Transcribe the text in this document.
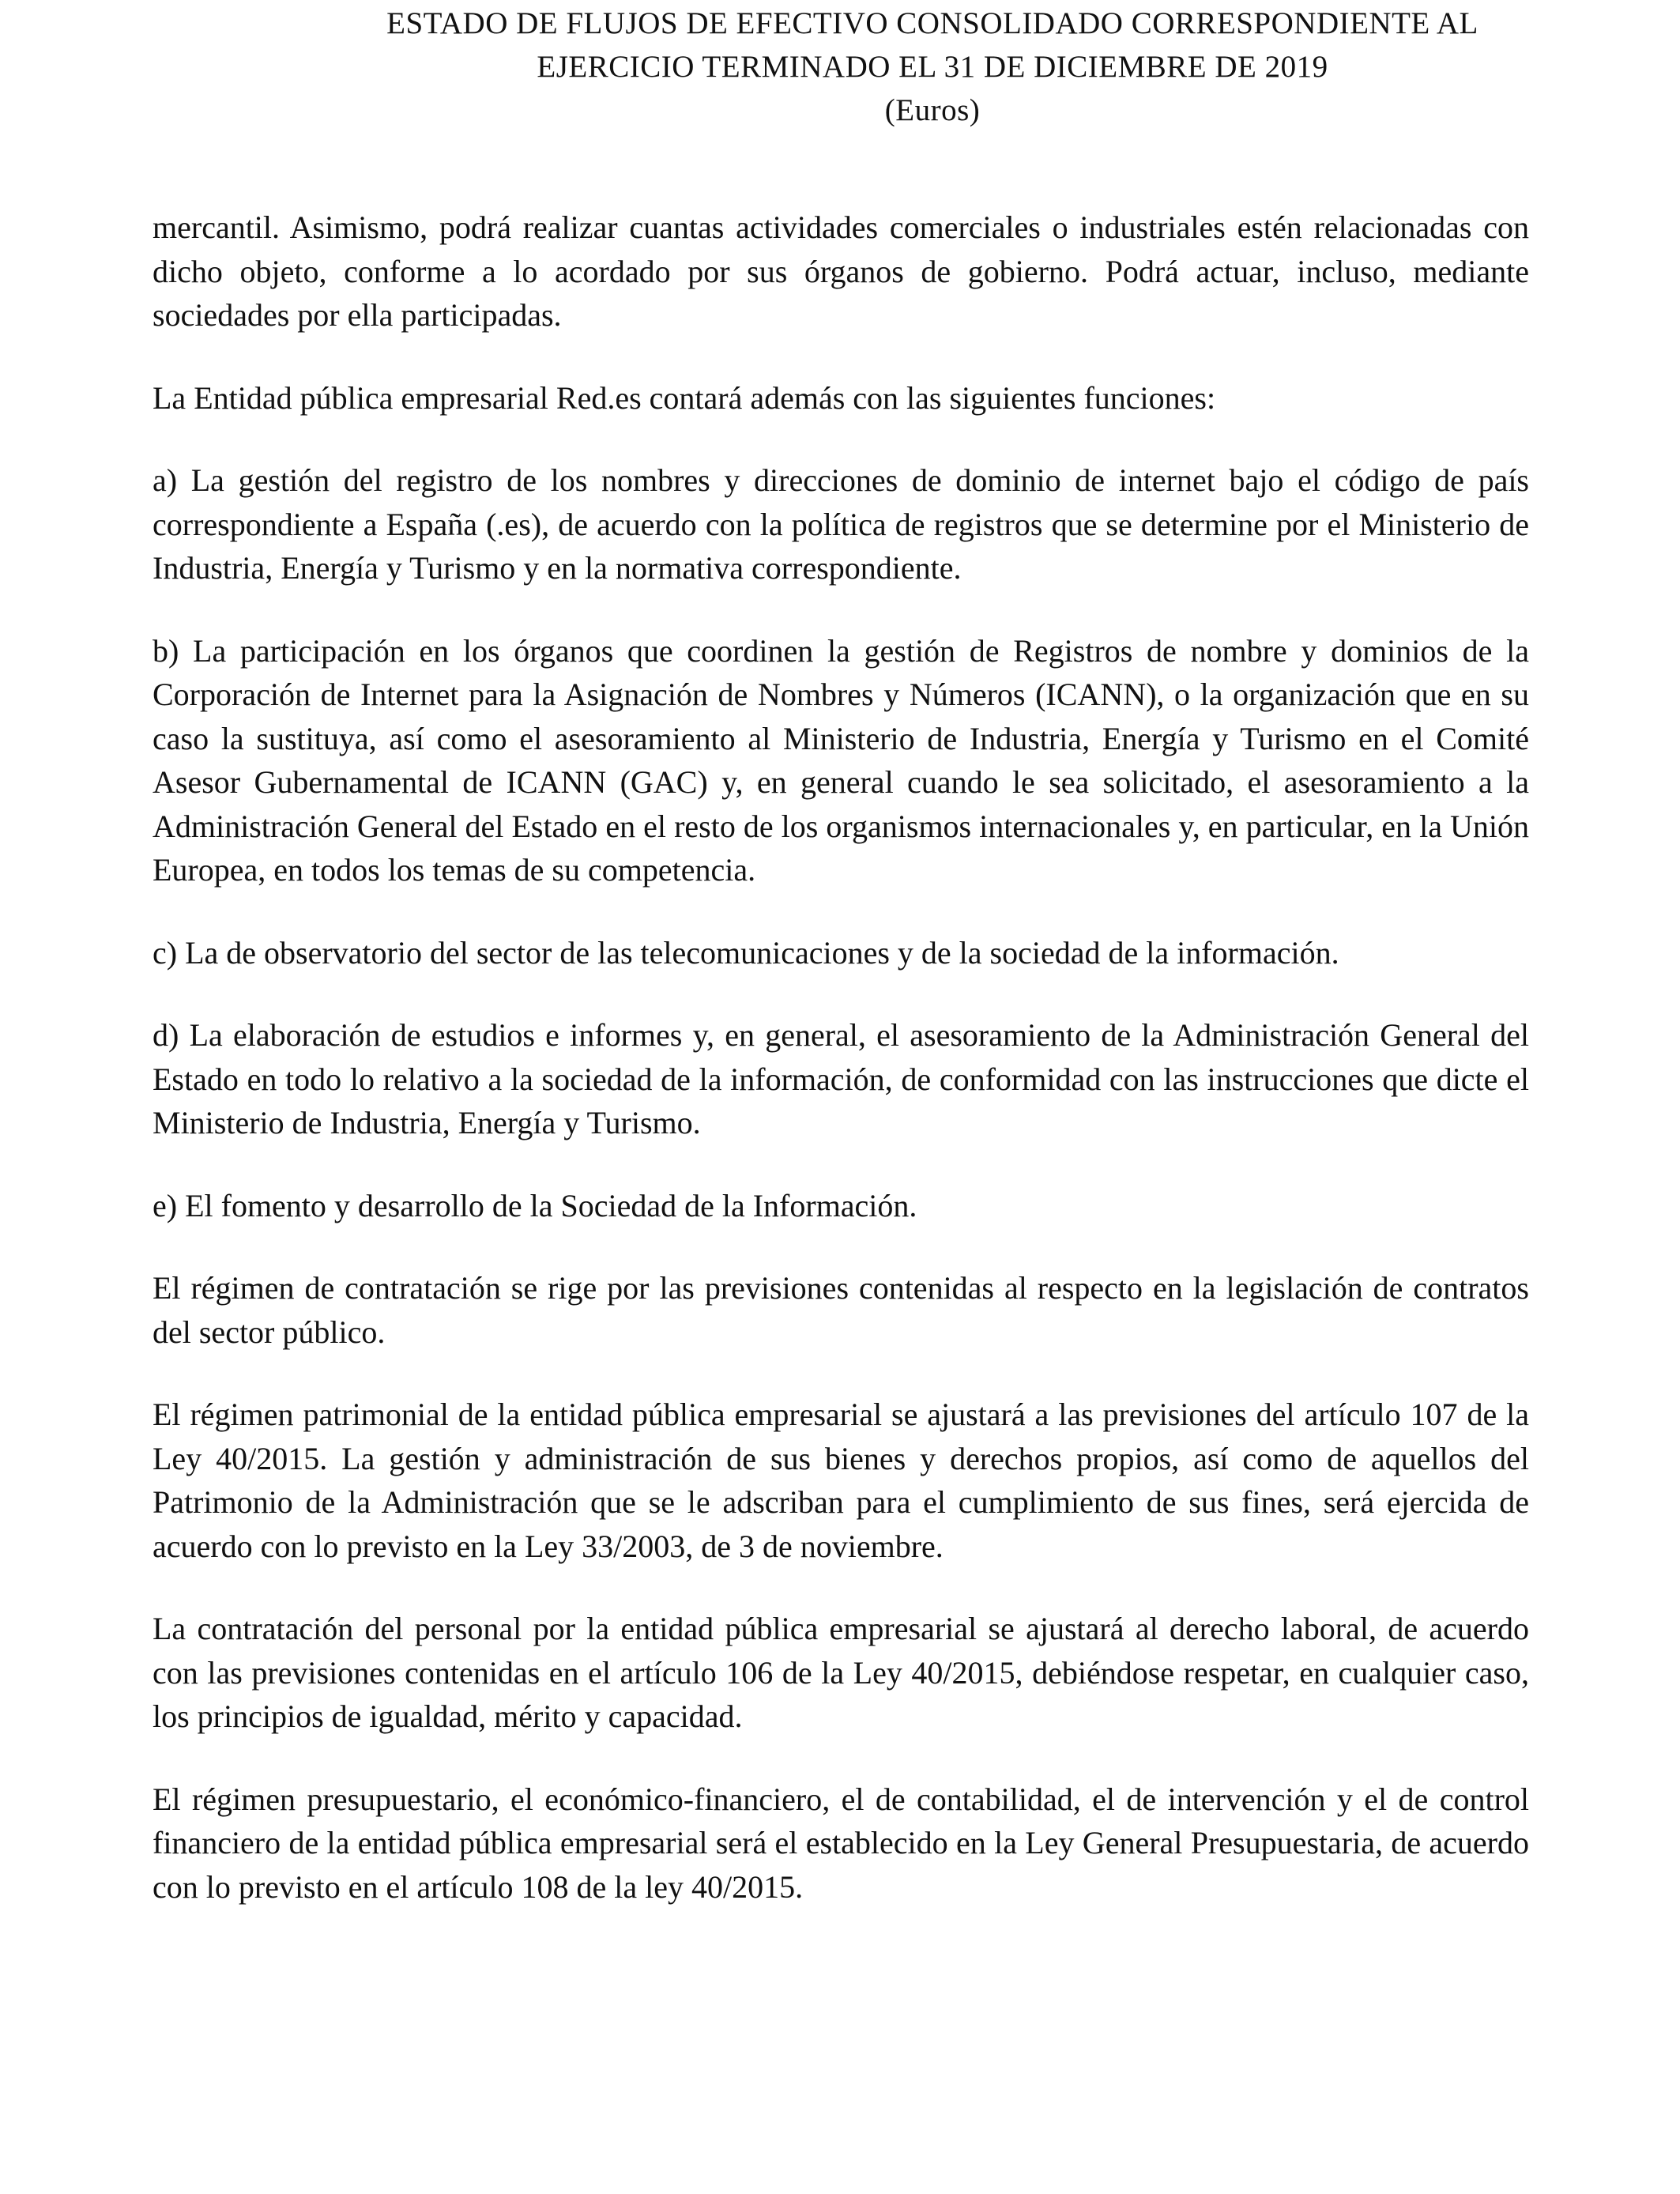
ESTADO DE FLUJOS DE EFECTIVO CONSOLIDADO CORRESPONDIENTE AL
EJERCICIO TERMINADO EL 31 DE DICIEMBRE DE 2019
(Euros)

mercantil. Asimismo, podrá realizar cuantas actividades comerciales o industriales estén relacionadas con dicho objeto, conforme a lo acordado por sus órganos de gobierno. Podrá actuar, incluso, mediante sociedades por ella participadas.

La Entidad pública empresarial Red.es contará además con las siguientes funciones:

a) La gestión del registro de los nombres y direcciones de dominio de internet bajo el código de país correspondiente a España (.es), de acuerdo con la política de registros que se determine por el Ministerio de Industria, Energía y Turismo y en la normativa correspondiente.

b) La participación en los órganos que coordinen la gestión de Registros de nombre y dominios de la Corporación de Internet para la Asignación de Nombres y Números (ICANN), o la organización que en su caso la sustituya, así como el asesoramiento al Ministerio de Industria, Energía y Turismo en el Comité Asesor Gubernamental de ICANN (GAC) y, en general cuando le sea solicitado, el asesoramiento a la Administración General del Estado en el resto de los organismos internacionales y, en particular, en la Unión Europea, en todos los temas de su competencia.

c) La de observatorio del sector de las telecomunicaciones y de la sociedad de la información.

d) La elaboración de estudios e informes y, en general, el asesoramiento de la Administración General del Estado en todo lo relativo a la sociedad de la información, de conformidad con las instrucciones que dicte el Ministerio de Industria, Energía y Turismo.

e) El fomento y desarrollo de la Sociedad de la Información.

El régimen de contratación se rige por las previsiones contenidas al respecto en la legislación de contratos del sector público.

El régimen patrimonial de la entidad pública empresarial se ajustará a las previsiones del artículo 107 de la Ley 40/2015. La gestión y administración de sus bienes y derechos propios, así como de aquellos del Patrimonio de la Administración que se le adscriban para el cumplimiento de sus fines, será ejercida de acuerdo con lo previsto en la Ley 33/2003, de 3 de noviembre.

La contratación del personal por la entidad pública empresarial se ajustará al derecho laboral, de acuerdo con las previsiones contenidas en el artículo 106 de la Ley 40/2015, debiéndose respetar, en cualquier caso, los principios de igualdad, mérito y capacidad.

El régimen presupuestario, el económico-financiero, el de contabilidad, el de intervención y el de control financiero de la entidad pública empresarial será el establecido en la Ley General Presupuestaria, de acuerdo con lo previsto en el artículo 108 de la ley 40/2015.
